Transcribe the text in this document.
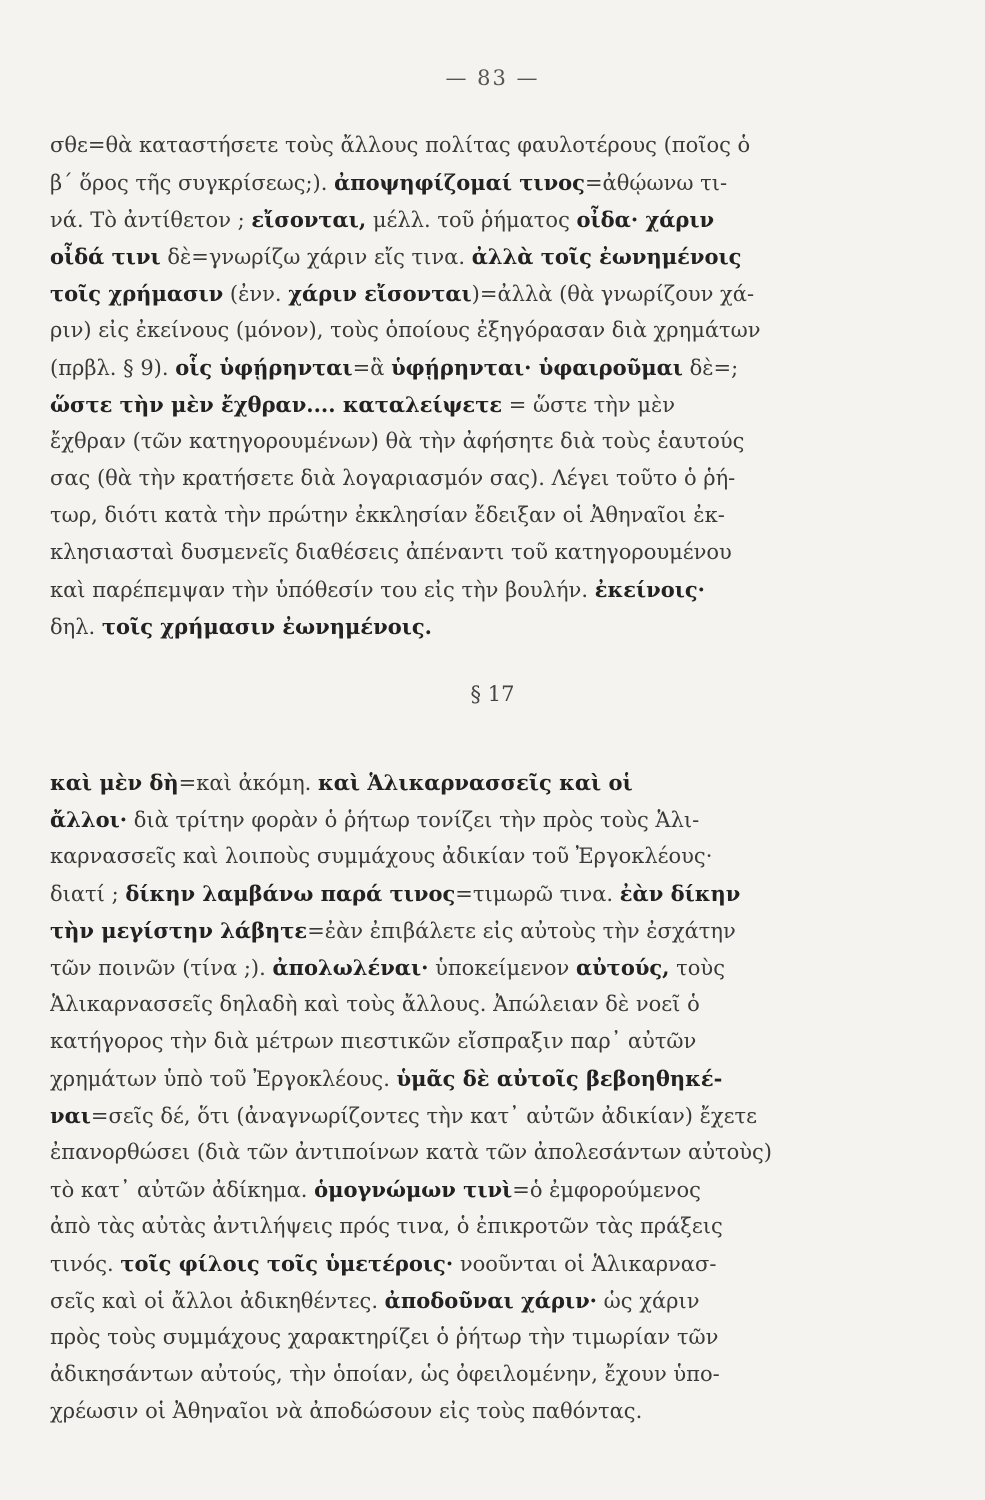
— 83 —
σθε=θὰ καταστήσετε τοὺς ἄλλους πολίτας φαυλοτέρους (ποῖος ὁ
β΄ ὅρος τῆς συγκρίσεως;). ἀποψηφίζομαί τινος=ἀθῴωνω τι-
νά. Τὸ ἀντίθετον ; εἴσονται, μέλλ. τοῦ ῥήματος οἶδα· χάριν
οἶδά τινι δὲ=γνωρίζω χάριν εἴς τινα. ἀλλὰ τοῖς ἐωνημένοις
τοῖς χρήμασιν (ἐνν. χάριν εἴσονται)=ἀλλὰ (θὰ γνωρίζουν χά-
ριν) εἰς ἐκείνους (μόνον), τοὺς ὁποίους ἐξηγόρασαν διὰ χρημάτων
(πρβλ. § 9). οἷς ὑφῄρηνται=ἃ ὑφῄρηνται· ὑφαιροῦμαι δὲ=;
ὥστε τὴν μὲν ἔχθραν.... καταλείψετε = ὥστε τὴν μὲν
ἔχθραν (τῶν κατηγορουμένων) θὰ τὴν ἀφήσητε διὰ τοὺς ἑαυτούς
σας (θὰ τὴν κρατήσετε διὰ λογαριασμόν σας). Λέγει τοῦτο ὁ ῥή-
τωρ, διότι κατὰ τὴν πρώτην ἐκκλησίαν ἔδειξαν οἱ Ἀθηναῖοι ἐκ-
κλησιασταὶ δυσμενεῖς διαθέσεις ἀπέναντι τοῦ κατηγορουμένου
καὶ παρέπεμψαν τὴν ὑπόθεσίν του εἰς τὴν βουλήν. ἐκείνοις·
δηλ. τοῖς χρήμασιν ἐωνημένοις.
§ 17
καὶ μὲν δὴ=καὶ ἀκόμη. καὶ Ἁλικαρνασσεῖς καὶ οἱ
ἄλλοι· διὰ τρίτην φορὰν ὁ ῥήτωρ τονίζει τὴν πρὸς τοὺς Ἁλι-
καρνασσεῖς καὶ λοιποὺς συμμάχους ἀδικίαν τοῦ Ἐργοκλέους·
διατί ; δίκην λαμβάνω παρά τινος=τιμωρῶ τινα. ἐὰν δίκην
τὴν μεγίστην λάβητε=ἐὰν ἐπιβάλετε εἰς αὐτοὺς τὴν ἐσχάτην
τῶν ποινῶν (τίνα ;). ἀπολωλέναι· ὑποκείμενον αὐτούς, τοὺς
Ἁλικαρνασσεῖς δηλαδὴ καὶ τοὺς ἄλλους. Ἀπώλειαν δὲ νοεῖ ὁ
κατήγορος τὴν διὰ μέτρων πιεστικῶν εἴσπραξιν παρ᾽ αὐτῶν
χρημάτων ὑπὸ τοῦ Ἐργοκλέους. ὑμᾶς δὲ αὐτοῖς βεβοηθηκέ-
ναι=σεῖς δέ, ὅτι (ἀναγνωρίζοντες τὴν κατ᾽ αὐτῶν ἀδικίαν) ἔχετε
ἐπανορθώσει (διὰ τῶν ἀντιποίνων κατὰ τῶν ἀπολεσάντων αὐτοὺς)
τὸ κατ᾽ αὐτῶν ἀδίκημα. ὁμογνώμων τινὶ=ὁ ἐμφορούμενος
ἀπὸ τὰς αὐτὰς ἀντιλήψεις πρός τινα, ὁ ἐπικροτῶν τὰς πράξεις
τινός. τοῖς φίλοις τοῖς ὑμετέροις· νοοῦνται οἱ Ἁλικαρνασ-
σεῖς καὶ οἱ ἄλλοι ἀδικηθέντες. ἀποδοῦναι χάριν· ὡς χάριν
πρὸς τοὺς συμμάχους χαρακτηρίζει ὁ ῥήτωρ τὴν τιμωρίαν τῶν
ἀδικησάντων αὐτούς, τὴν ὁποίαν, ὡς ὀφειλομένην, ἔχουν ὑπο-
χρέωσιν οἱ Ἀθηναῖοι νὰ ἀποδώσουν εἰς τοὺς παθόντας.
